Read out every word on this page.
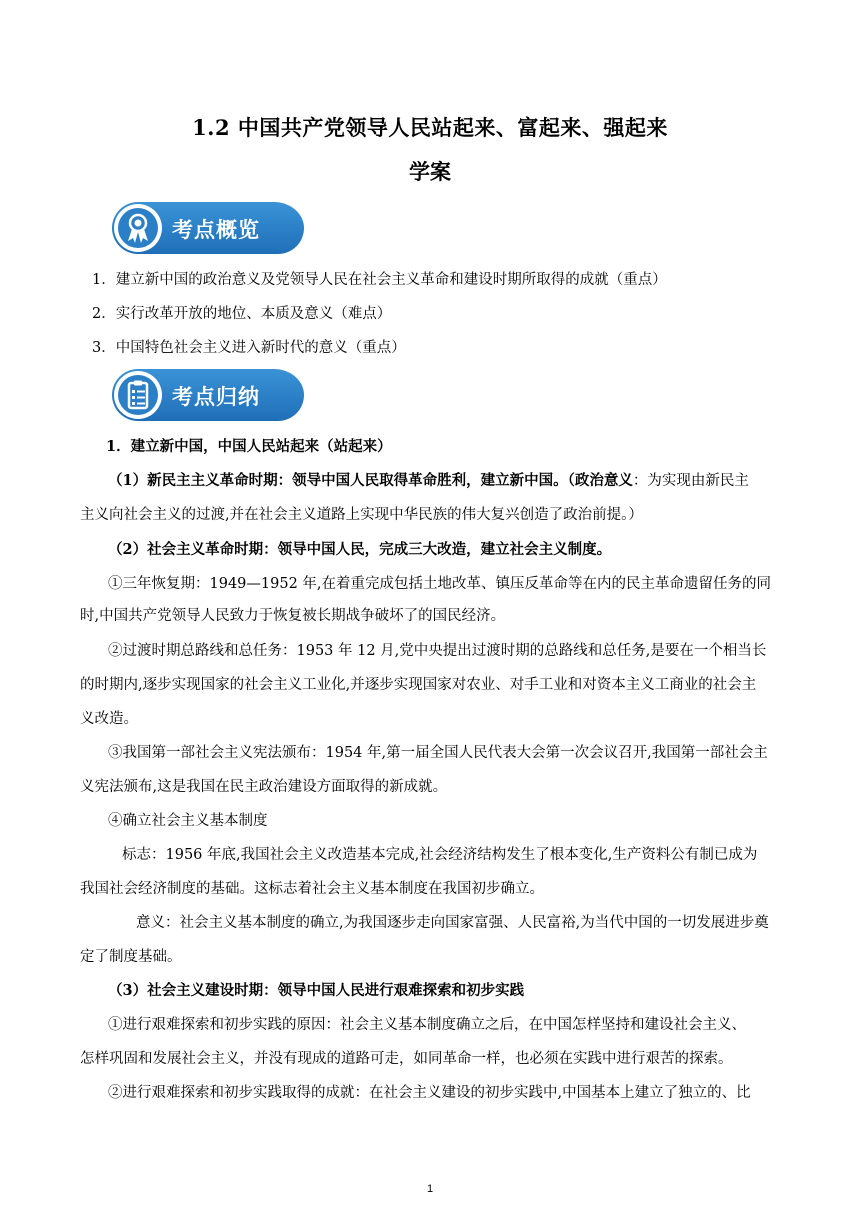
1.2 中国共产党领导人民站起来、富起来、强起来
学案
考点概览
1．建立新中国的政治意义及党领导人民在社会主义革命和建设时期所取得的成就（重点）
2．实行改革开放的地位、本质及意义（难点）
3．中国特色社会主义进入新时代的意义（重点）
考点归纳
1．建立新中国，中国人民站起来（站起来）
（1）新民主主义革命时期：领导中国人民取得革命胜利，建立新中国。（政治意义：为实现由新民主
主义向社会主义的过渡,并在社会主义道路上实现中华民族的伟大复兴创造了政治前提。）
（2）社会主义革命时期：领导中国人民，完成三大改造，建立社会主义制度。
①三年恢复期：1949—1952 年,在着重完成包括土地改革、镇压反革命等在内的民主革命遗留任务的同
时,中国共产党领导人民致力于恢复被长期战争破坏了的国民经济。
②过渡时期总路线和总任务：1953 年 12 月,党中央提出过渡时期的总路线和总任务,是要在一个相当长
的时期内,逐步实现国家的社会主义工业化,并逐步实现国家对农业、对手工业和对资本主义工商业的社会主
义改造。
③我国第一部社会主义宪法颁布：1954 年,第一届全国人民代表大会第一次会议召开,我国第一部社会主
义宪法颁布,这是我国在民主政治建设方面取得的新成就。
④确立社会主义基本制度
标志：1956 年底,我国社会主义改造基本完成,社会经济结构发生了根本变化,生产资料公有制已成为
我国社会经济制度的基础。这标志着社会主义基本制度在我国初步确立。
意义：社会主义基本制度的确立,为我国逐步走向国家富强、人民富裕,为当代中国的一切发展进步奠
定了制度基础。
（3）社会主义建设时期：领导中国人民进行艰难探索和初步实践
①进行艰难探索和初步实践的原因：社会主义基本制度确立之后，在中国怎样坚持和建设社会主义、
怎样巩固和发展社会主义，并没有现成的道路可走，如同革命一样，也必须在实践中进行艰苦的探索。
②进行艰难探索和初步实践取得的成就：在社会主义建设的初步实践中,中国基本上建立了独立的、比
1
